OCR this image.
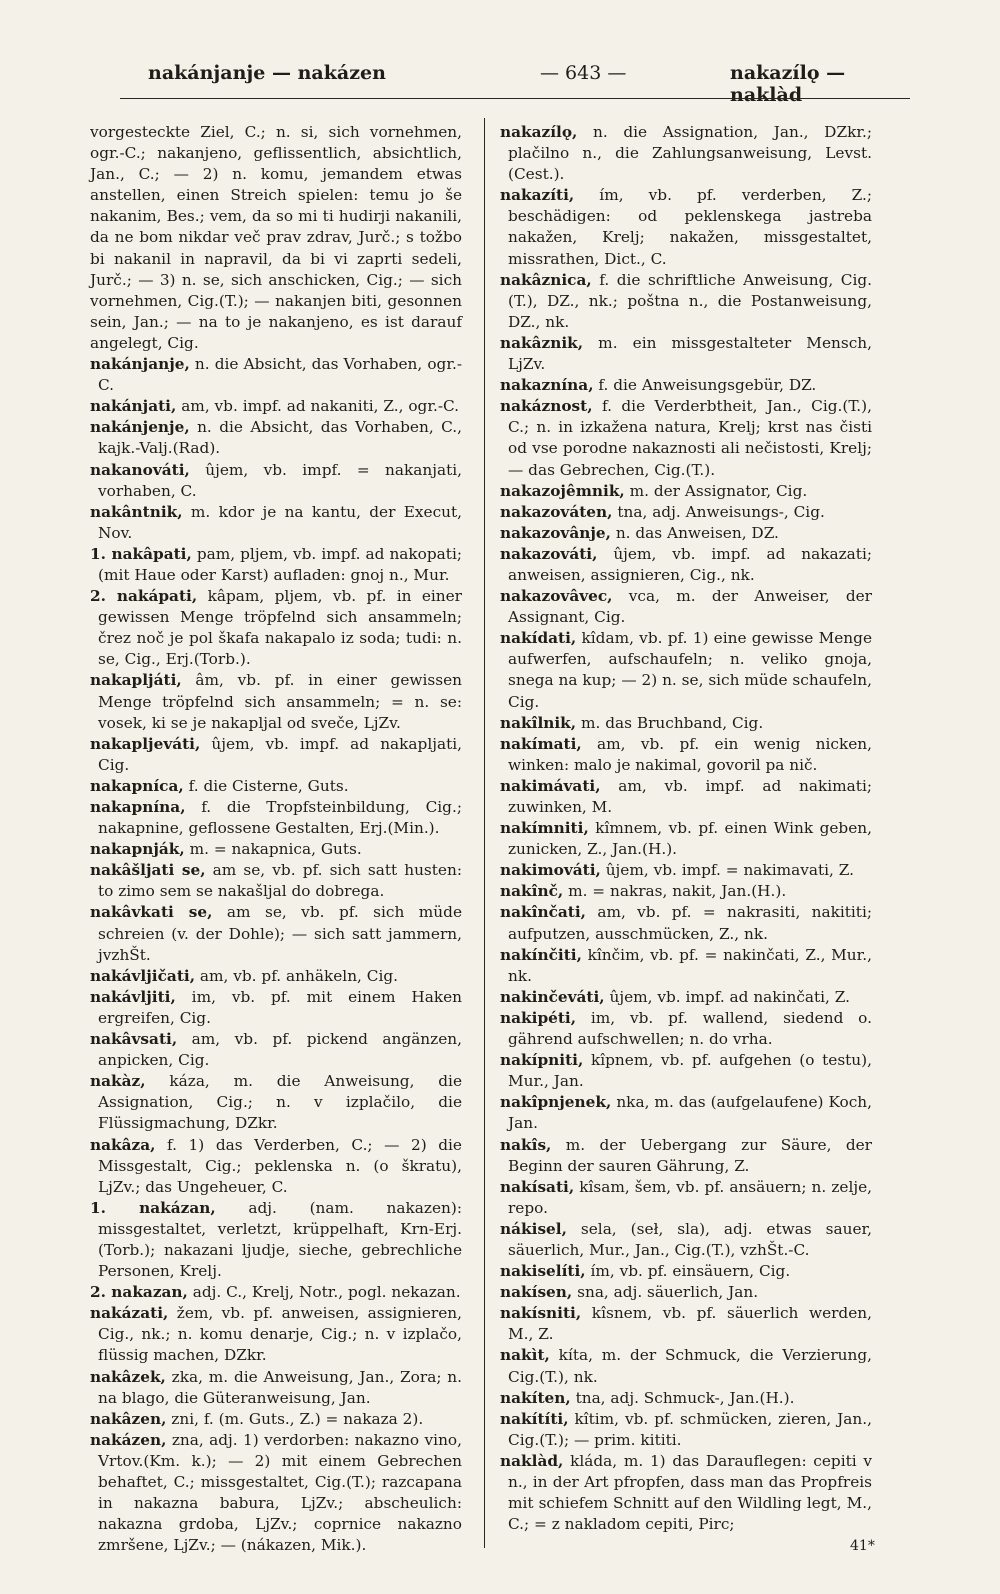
nakánjanje — nakázen	— 643 —	nakazílǫ — naklàd

vorgesteckte Ziel, C.; n. si, sich vornehmen, ogr.-C.; nakanjeno, geflissentlich, absichtlich, Jan., C.; — 2) n. komu, jemandem etwas anstellen, einen Streich spielen: temu jo še nakanim, Bes.; vem, da so mi ti hudirji nakanili, da ne bom nikdar več prav zdrav, Jurč.; s tožbo bi nakanil in napravil, da bi vi zaprti sedeli, Jurč.; — 3) n. se, sich anschicken, Cig.; — sich vornehmen, Cig.(T.); — nakanjen biti, gesonnen sein, Jan.; — na to je nakanjeno, es ist darauf angelegt, Cig.

nakánjanje, n. die Absicht, das Vorhaben, ogr.-C.

nakánjati, am, vb. impf. ad nakaniti, Z., ogr.-C.

nakánjenje, n. die Absicht, das Vorhaben, C., kajk.-Valj.(Rad).

nakanováti, ûjem, vb. impf. = nakanjati, vorhaben, C.

nakântnik, m. kdor je na kantu, der Execut, Nov.

1. nakâpati, pam, pljem, vb. impf. ad nakopati; (mit Haue oder Karst) aufladen: gnoj n., Mur.

2. nakápati, kâpam, pljem, vb. pf. in einer gewissen Menge tröpfelnd sich ansammeln; črez noč je pol škafa nakapalo iz soda; tudi: n. se, Cig., Erj.(Torb.).

nakapljáti, âm, vb. pf. in einer gewissen Menge tröpfelnd sich ansammeln; = n. se: vosek, ki se je nakapljal od sveče, LjZv.

nakapljeváti, ûjem, vb. impf. ad nakapljati, Cig.

nakapníca, f. die Cisterne, Guts.

nakapnína, f. die Tropfsteinbildung, Cig.; nakapnine, geflossene Gestalten, Erj.(Min.).

nakapnják, m. = nakapnica, Guts.

nakâšljati se, am se, vb. pf. sich satt husten: to zimo sem se nakašljal do dobrega.

nakâvkati se, am se, vb. pf. sich müde schreien (v. der Dohle); — sich satt jammern, jvzhŠt.

nakávljičati, am, vb. pf. anhäkeln, Cig.

nakávljiti, im, vb. pf. mit einem Haken ergreifen, Cig.

nakâvsati, am, vb. pf. pickend angänzen, anpicken, Cig.

nakàz, káza, m. die Anweisung, die Assignation, Cig.; n. v izplačilo, die Flüssigmachung, DZkr.

nakâza, f. 1) das Verderben, C.; — 2) die Missgestalt, Cig.; peklenska n. (o škratu), LjZv.; das Ungeheuer, C.

1. nakázan, adj. (nam. nakazen): missgestaltet, verletzt, krüppelhaft, Krn-Erj.(Torb.); nakazani ljudje, sieche, gebrechliche Personen, Krelj.

2. nakazan, adj. C., Krelj, Notr., pogl. nekazan.

nakázati, žem, vb. pf. anweisen, assignieren, Cig., nk.; n. komu denarje, Cig.; n. v izplačo, flüssig machen, DZkr.

nakâzek, zka, m. die Anweisung, Jan., Zora; n. na blago, die Güteranweisung, Jan.

nakâzen, zni, f. (m. Guts., Z.) = nakaza 2).

nakázen, zna, adj. 1) verdorben: nakazno vino, Vrtov.(Km. k.); — 2) mit einem Gebrechen behaftet, C.; missgestaltet, Cig.(T.); razcapana in nakazna babura, LjZv.; abscheulich: nakazna grdoba, LjZv.; coprnice nakazno zmršene, LjZv.; — (nákazen, Mik.).

nakazílǫ, n. die Assignation, Jan., DZkr.; plačilno n., die Zahlungsanweisung, Levst.(Cest.).

nakazíti, ím, vb. pf. verderben, Z.; beschädigen: od peklenskega jastreba nakažen, Krelj; nakažen, missgestaltet, missrathen, Dict., C.

nakâznica, f. die schriftliche Anweisung, Cig.(T.), DZ., nk.; poštna n., die Postanweisung, DZ., nk.

nakâznik, m. ein missgestalteter Mensch, LjZv.

nakaznína, f. die Anweisungsgebür, DZ.

nakáznost, f. die Verderbtheit, Jan., Cig.(T.), C.; n. in izkažena natura, Krelj; krst nas čisti od vse porodne nakaznosti ali nečistosti, Krelj; — das Gebrechen, Cig.(T.).

nakazojêmnik, m. der Assignator, Cig.

nakazováten, tna, adj. Anweisungs-, Cig.

nakazovânje, n. das Anweisen, DZ.

nakazováti, ûjem, vb. impf. ad nakazati; anweisen, assignieren, Cig., nk.

nakazovâvec, vca, m. der Anweiser, der Assignant, Cig.

nakídati, kîdam, vb. pf. 1) eine gewisse Menge aufwerfen, aufschaufeln; n. veliko gnoja, snega na kup; — 2) n. se, sich müde schaufeln, Cig.

nakîlnik, m. das Bruchband, Cig.

nakímati, am, vb. pf. ein wenig nicken, winken: malo je nakimal, govoril pa nič.

nakimávati, am, vb. impf. ad nakimati; zuwinken, M.

nakímniti, kîmnem, vb. pf. einen Wink geben, zunicken, Z., Jan.(H.).

nakimováti, ûjem, vb. impf. = nakimavati, Z.

nakînč, m. = nakras, nakit, Jan.(H.).

nakînčati, am, vb. pf. = nakrasiti, nakititi; aufputzen, ausschmücken, Z., nk.

nakínčiti, kînčim, vb. pf. = nakinčati, Z., Mur., nk.

nakinčeváti, ûjem, vb. impf. ad nakinčati, Z.

nakipéti, im, vb. pf. wallend, siedend o. gährend aufschwellen; n. do vrha.

nakípniti, kîpnem, vb. pf. aufgehen (o testu), Mur., Jan.

nakîpnjenek, nka, m. das (aufgelaufene) Koch, Jan.

nakîs, m. der Uebergang zur Säure, der Beginn der sauren Gährung, Z.

nakísati, kîsam, šem, vb. pf. ansäuern; n. zelje, repo.

nákisel, sela, (seł, sla), adj. etwas sauer, säuerlich, Mur., Jan., Cig.(T.), vzhŠt.-C.

nakiselíti, ím, vb. pf. einsäuern, Cig.

nakísen, sna, adj. säuerlich, Jan.

nakísniti, kîsnem, vb. pf. säuerlich werden, M., Z.

nakìt, kíta, m. der Schmuck, die Verzierung, Cig.(T.), nk.

nakíten, tna, adj. Schmuck-, Jan.(H.).

nakítíti, kîtim, vb. pf. schmücken, zieren, Jan., Cig.(T.); — prim. kititi.

naklàd, kláda, m. 1) das Darauflegen: cepiti v n., in der Art pfropfen, dass man das Propfreis mit schiefem Schnitt auf den Wildling legt, M., C.; = z nakladom cepiti, Pirc;

41*
